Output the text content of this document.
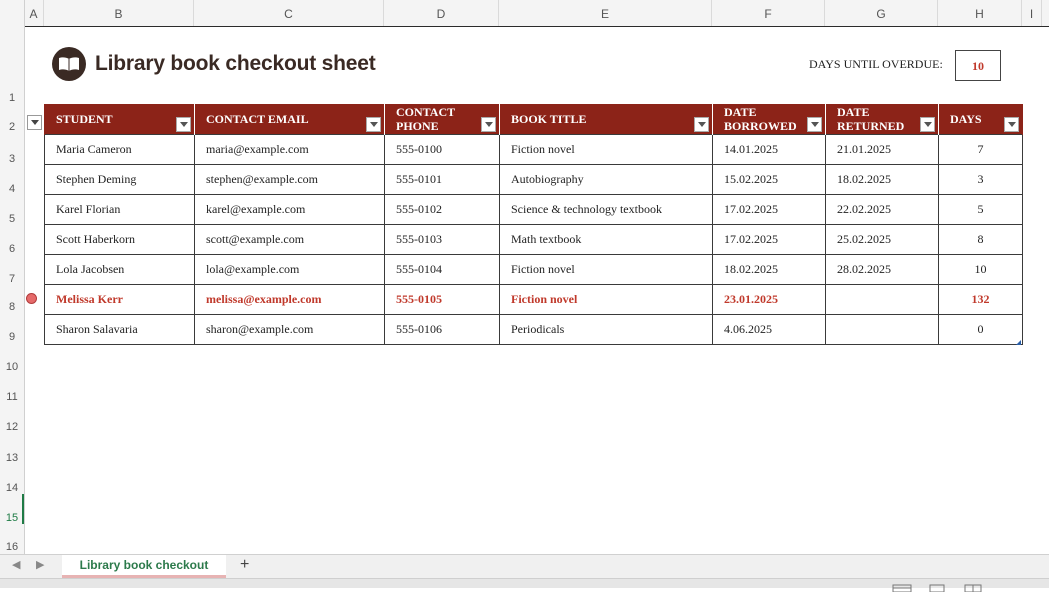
A	B	C	D	E	F	G	H	I
1
2
3
4
5
6
7
8
9
10
11
12
13
14
15
16
Library book checkout sheet	DAYS UNTIL OVERDUE:	10
STUDENT	CONTACT EMAIL	CONTACT PHONE	BOOK TITLE	DATE BORROWED	DATE RETURNED	DAYS

Maria Cameron	maria@example.com	555-0100	Fiction novel	14.01.2025	21.01.2025	7
Stephen Deming	stephen@example.com	555-0101	Autobiography	15.02.2025	18.02.2025	3
Karel Florian	karel@example.com	555-0102	Science & technology textbook	17.02.2025	22.02.2025	5
Scott Haberkorn	scott@example.com	555-0103	Math textbook	17.02.2025	25.02.2025	8
Lola Jacobsen	lola@example.com	555-0104	Fiction novel	18.02.2025	28.02.2025	10
Melissa Kerr	melissa@example.com	555-0105	Fiction novel	23.01.2025		132
Sharon Salavaria	sharon@example.com	555-0106	Periodicals	4.06.2025		0
◀ ▶	Library book checkout	+
